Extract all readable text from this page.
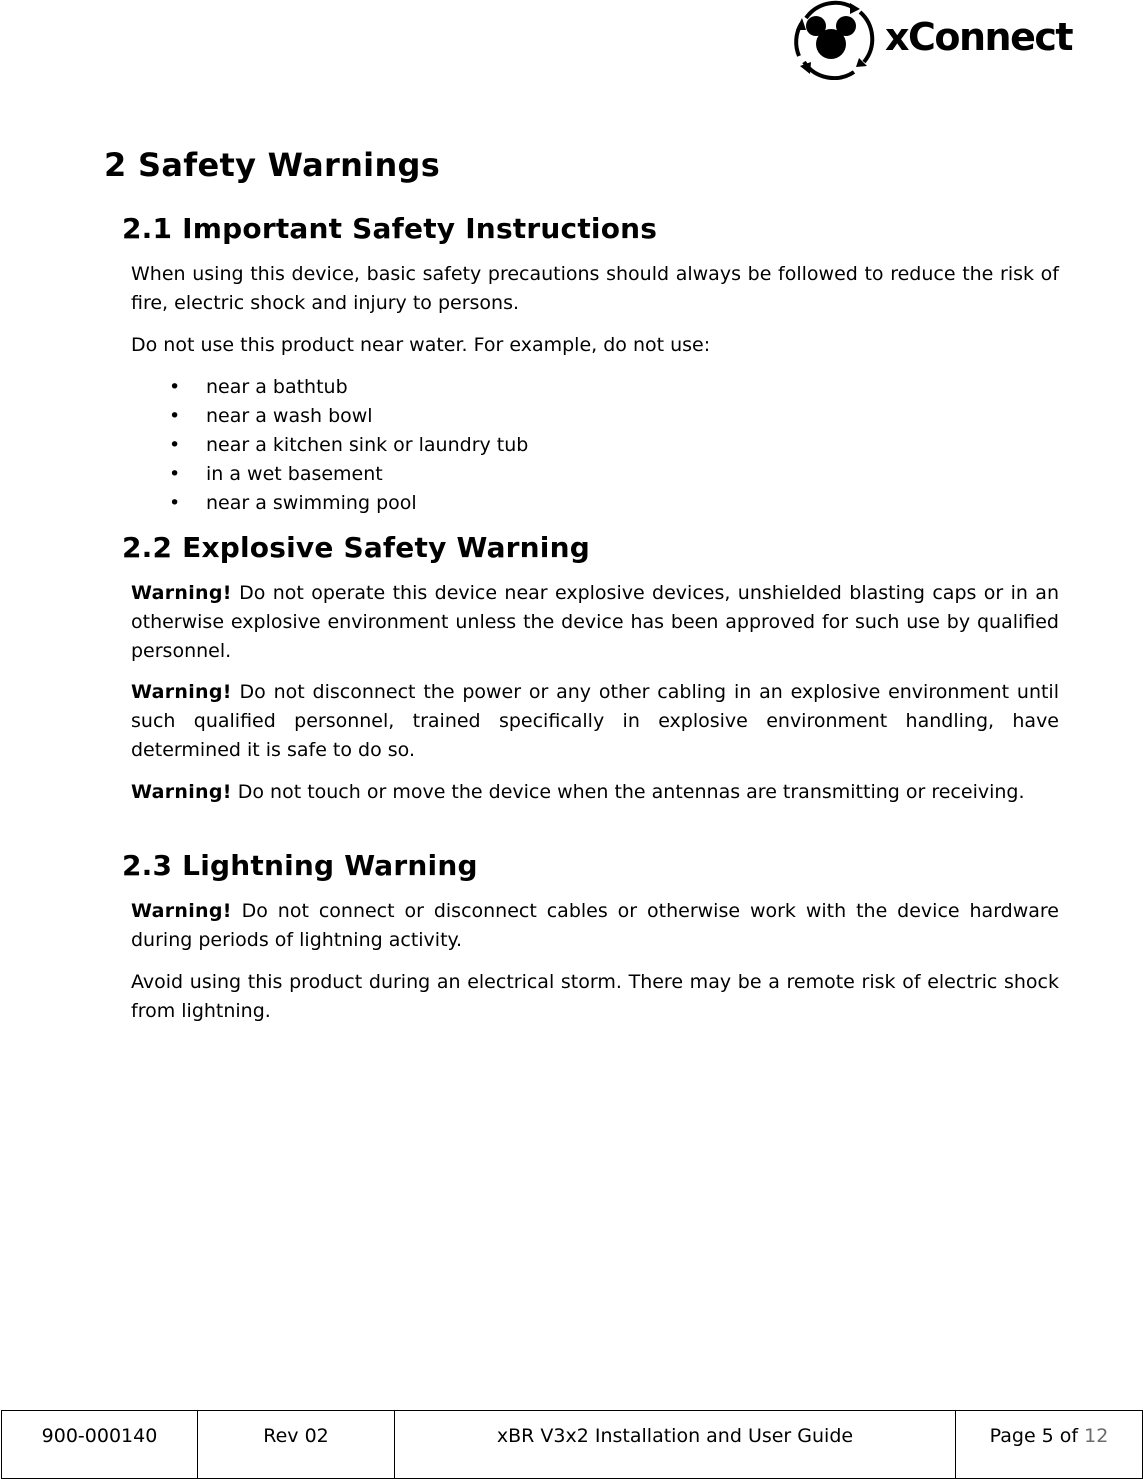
xConnect
2 Safety Warnings
2.1 Important Safety Instructions

When using this device, basic safety precautions should always be followed to reduce the risk of fire, electric shock and injury to persons.

Do not use this product near water. For example, do not use:

• near a bathtub
• near a wash bowl
• near a kitchen sink or laundry tub
• in a wet basement
• near a swimming pool
2.2 Explosive Safety Warning

Warning! Do not operate this device near explosive devices, unshielded blasting caps or in an otherwise explosive environment unless the device has been approved for such use by qualified personnel.

Warning! Do not disconnect the power or any other cabling in an explosive environment until such qualified personnel, trained specifically in explosive environment handling, have determined it is safe to do so.

Warning! Do not touch or move the device when the antennas are transmitting or receiving.

2.3 Lightning Warning

Warning! Do not connect or disconnect cables or otherwise work with the device hardware during periods of lightning activity.

Avoid using this product during an electrical storm. There may be a remote risk of electric shock from lightning.

900-000140	Rev 02	xBR V3x2 Installation and User Guide	Page 5 of 12
